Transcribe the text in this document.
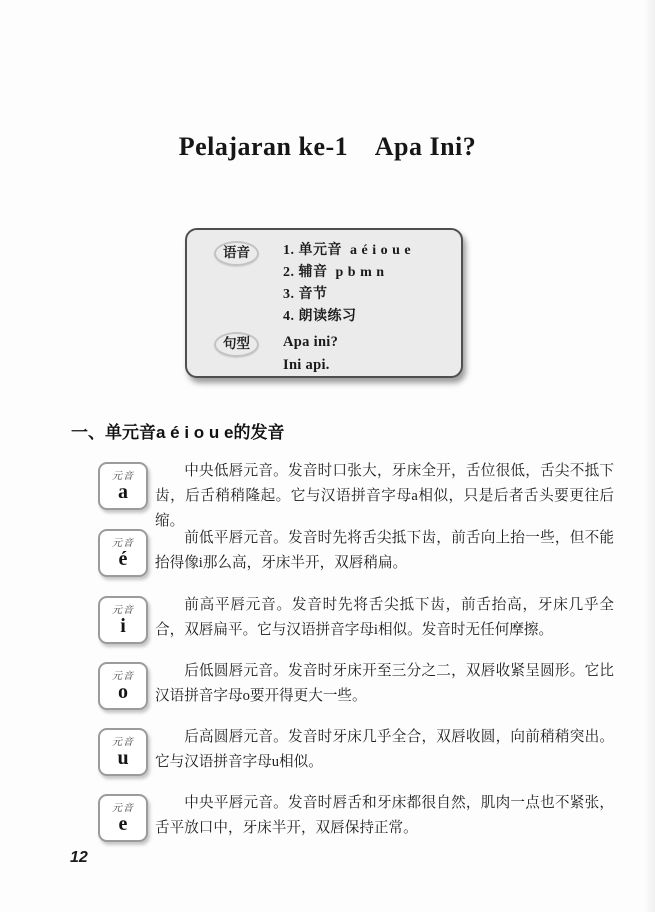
Pelajaran ke-1    Apa Ini?
语音	1. 单元音  a é i o u e
2. 辅音  p b m n
3. 音节
4. 朗读练习
句型	Apa ini?
Ini api.
一、单元音a é i o u e的发音
元音
a

中央低唇元音。发音时口张大，牙床全开，舌位很低，舌尖不抵下齿，后舌稍稍隆起。它与汉语拼音字母a相似，只是后者舌头要更往后缩。

元音
é

前低平唇元音。发音时先将舌尖抵下齿，前舌向上抬一些，但不能抬得像i那么高，牙床半开，双唇稍扁。

元音
i

前高平唇元音。发音时先将舌尖抵下齿，前舌抬高，牙床几乎全合，双唇扁平。它与汉语拼音字母i相似。发音时无任何摩擦。

元音
o

后低圆唇元音。发音时牙床开至三分之二，双唇收紧呈圆形。它比汉语拼音字母o要开得更大一些。

元音
u

后高圆唇元音。发音时牙床几乎全合，双唇收圆，向前稍稍突出。它与汉语拼音字母u相似。

元音
e

中央平唇元音。发音时唇舌和牙床都很自然，肌肉一点也不紧张，舌平放口中，牙床半开，双唇保持正常。

12
